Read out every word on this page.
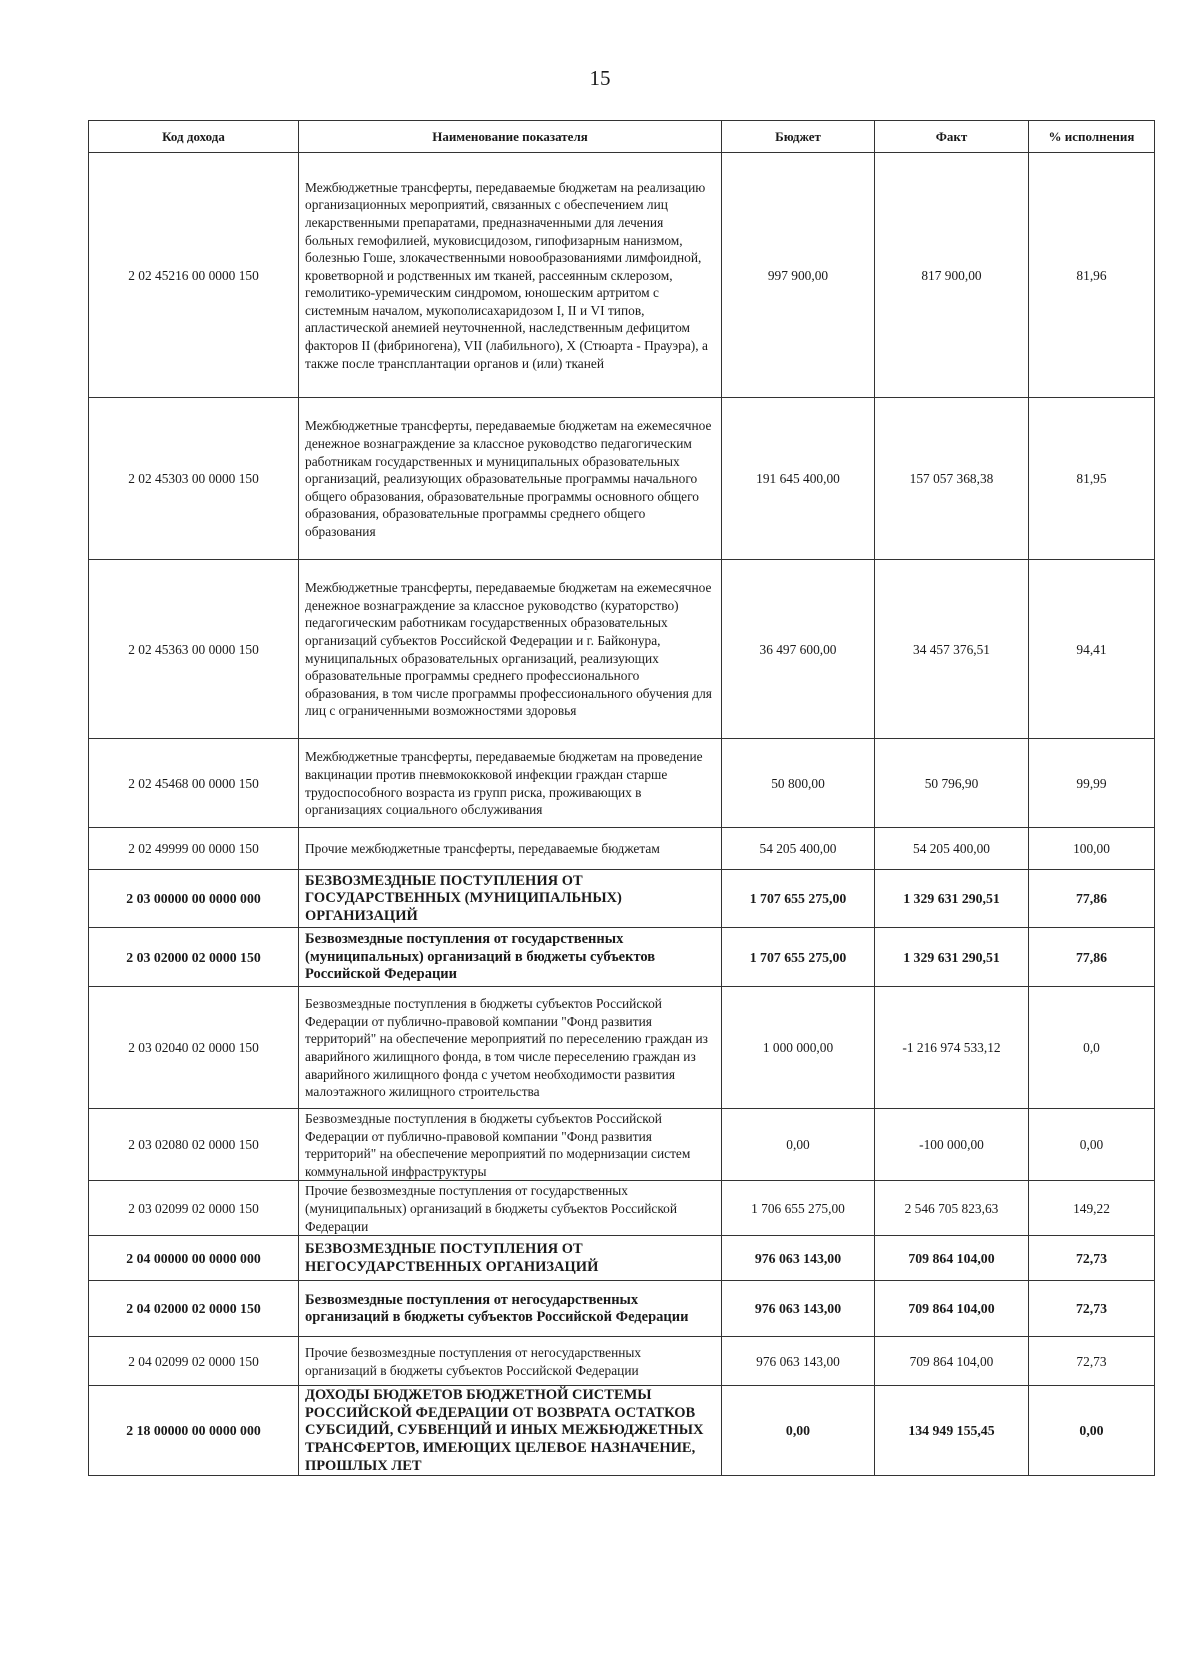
15
Код дохода	Наименование показателя	Бюджет	Факт	% исполнения
2 02 45216 00 0000 150	Межбюджетные трансферты, передаваемые бюджетам на реализацию организационных мероприятий, связанных с обеспечением лиц лекарственными препаратами, предназначенными для лечения больных гемофилией, муковисцидозом, гипофизарным нанизмом, болезнью Гоше, злокачественными новообразованиями лимфоидной, кроветворной и родственных им тканей, рассеянным склерозом, гемолитико-уремическим синдромом, юношеским артритом с системным началом, мукополисахаридозом I, II и VI типов, апластической анемией неуточненной, наследственным дефицитом факторов II (фибриногена), VII (лабильного), X (Стюарта - Прауэра), а также после трансплантации органов и (или) тканей	997 900,00	817 900,00	81,96
2 02 45303 00 0000 150	Межбюджетные трансферты, передаваемые бюджетам на ежемесячное денежное вознаграждение за классное руководство педагогическим работникам государственных и муниципальных образовательных организаций, реализующих образовательные программы начального общего образования, образовательные программы основного общего образования, образовательные программы среднего общего образования	191 645 400,00	157 057 368,38	81,95
2 02 45363 00 0000 150	Межбюджетные трансферты, передаваемые бюджетам на ежемесячное денежное вознаграждение за классное руководство (кураторство) педагогическим работникам государственных образовательных организаций субъектов Российской Федерации и г. Байконура, муниципальных образовательных организаций, реализующих образовательные программы среднего профессионального образования, в том числе программы профессионального обучения для лиц с ограниченными возможностями здоровья	36 497 600,00	34 457 376,51	94,41
2 02 45468 00 0000 150	Межбюджетные трансферты, передаваемые бюджетам на проведение вакцинации против пневмококковой инфекции граждан старше трудоспособного возраста из групп риска, проживающих в организациях социального обслуживания	50 800,00	50 796,90	99,99
2 02 49999 00 0000 150	Прочие межбюджетные трансферты, передаваемые бюджетам	54 205 400,00	54 205 400,00	100,00
2 03 00000 00 0000 000	БЕЗВОЗМЕЗДНЫЕ ПОСТУПЛЕНИЯ ОТ ГОСУДАРСТВЕННЫХ (МУНИЦИПАЛЬНЫХ) ОРГАНИЗАЦИЙ	1 707 655 275,00	1 329 631 290,51	77,86
2 03 02000 02 0000 150	Безвозмездные поступления от государственных (муниципальных) организаций в бюджеты субъектов Российской Федерации	1 707 655 275,00	1 329 631 290,51	77,86
2 03 02040 02 0000 150	Безвозмездные поступления в бюджеты субъектов Российской Федерации от публично-правовой компании "Фонд развития территорий" на обеспечение мероприятий по переселению граждан из аварийного жилищного фонда, в том числе переселению граждан из аварийного жилищного фонда с учетом необходимости развития малоэтажного жилищного строительства	1 000 000,00	-1 216 974 533,12	0,0
2 03 02080 02 0000 150	Безвозмездные поступления в бюджеты субъектов Российской Федерации от публично-правовой компании "Фонд развития территорий" на обеспечение мероприятий по модернизации систем коммунальной инфраструктуры	0,00	-100 000,00	0,00
2 03 02099 02 0000 150	Прочие безвозмездные поступления от государственных (муниципальных) организаций в бюджеты субъектов Российской Федерации	1 706 655 275,00	2 546 705 823,63	149,22
2 04 00000 00 0000 000	БЕЗВОЗМЕЗДНЫЕ ПОСТУПЛЕНИЯ ОТ НЕГОСУДАРСТВЕННЫХ ОРГАНИЗАЦИЙ	976 063 143,00	709 864 104,00	72,73
2 04 02000 02 0000 150	Безвозмездные поступления от негосударственных организаций в бюджеты субъектов Российской Федерации	976 063 143,00	709 864 104,00	72,73
2 04 02099 02 0000 150	Прочие безвозмездные поступления от негосударственных организаций в бюджеты субъектов Российской Федерации	976 063 143,00	709 864 104,00	72,73
2 18 00000 00 0000 000	ДОХОДЫ БЮДЖЕТОВ БЮДЖЕТНОЙ СИСТЕМЫ РОССИЙСКОЙ ФЕДЕРАЦИИ ОТ ВОЗВРАТА ОСТАТКОВ СУБСИДИЙ, СУБВЕНЦИЙ И ИНЫХ МЕЖБЮДЖЕТНЫХ ТРАНСФЕРТОВ, ИМЕЮЩИХ ЦЕЛЕВОЕ НАЗНАЧЕНИЕ, ПРОШЛЫХ ЛЕТ	0,00	134 949 155,45	0,00
